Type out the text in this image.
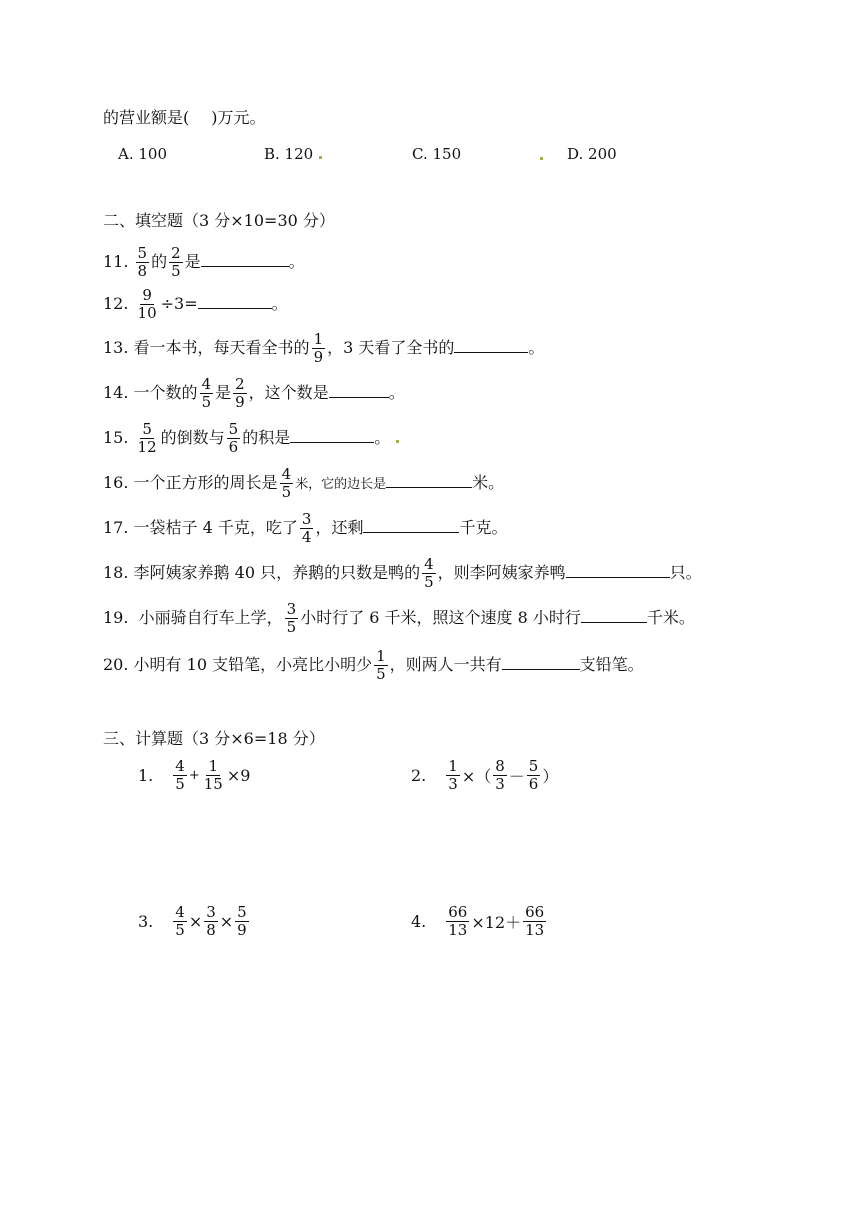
的营业额是( )万元。
A. 100	B. 120	C. 150	D. 200
二、填空题（3 分×10=30 分）
11. $\frac{5}{8}$ 的 $\frac{2}{5}$ 是	。
12. $\frac{9}{10} \div 3=$	。
13. 看一本书，每天看全书的 $\frac{1}{9}$ ，3 天看了全书的	。
14. 一个数的 $\frac{4}{5}$ 是 $\frac{2}{9}$ ，这个数是	。
15. $\frac{5}{12}$ 的倒数与 $\frac{5}{6}$ 的积是	。
16. 一个正方形的周长是 $\frac{4}{5}$ 米，它的边长是	米。
17. 一袋桔子 4 千克，吃了 $\frac{3}{4}$ ，还剩	千克。
18. 李阿姨家养鹅 40 只，养鹅的只数是鸭的 $\frac{4}{5}$ ，则李阿姨家养鸭	只。
19. 小丽骑自行车上学， $\frac{3}{5}$ 小时行了 6 千米，照这个速度 8 小时行	千米。
20. 小明有 10 支铅笔，小亮比小明少 $\frac{1}{5}$ ，则两人一共有	支铅笔。
三、计算题（3 分×6=18 分）
1. $\frac{4}{5} + \frac{1}{15} \times 9$	2. $\frac{1}{3}$ ×（ $\frac{8}{3} - \frac{5}{6}$ ）
3. $\frac{4}{5} \times \frac{3}{8} \times \frac{5}{9}$	4. $\frac{66}{13} \times 12+ \frac{66}{13}$
